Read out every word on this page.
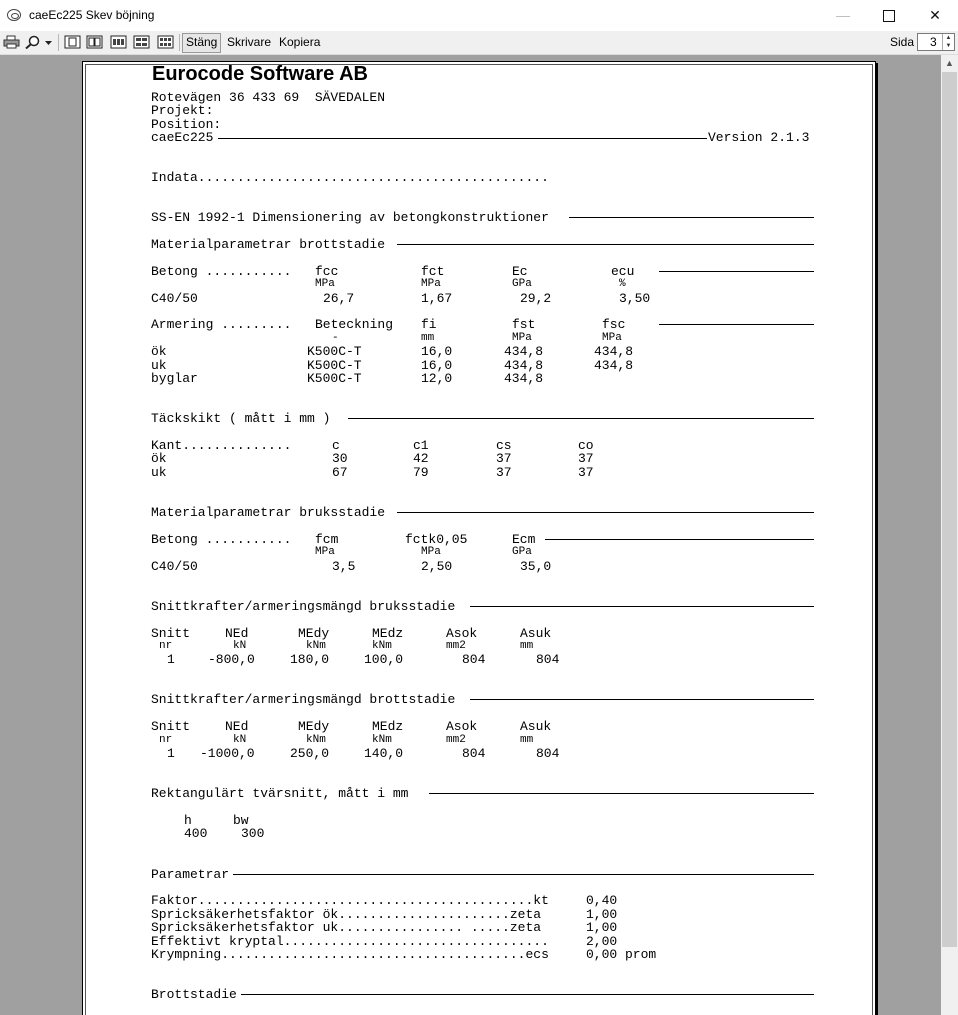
caeEc225 Skev böjning	—	✕
Stäng Skrivare Kopiera	Sida	3	▲
▼
▲
Eurocode Software AB
Rotevägen 36 433 69  SÄVEDALEN
Projekt:
Position:
caeEc225	Version 2.1.3
Indata.............................................
SS-EN 1992-1 Dimensionering av betongkonstruktioner
Materialparametrar brottstadie
Betong ........... fcc	fct	Ec	ecu
MPa	MPa	GPa	%
C40/50	26,7	1,67	29,2	3,50
Armering ......... Beteckning fi	fst	fsc
-	mm	MPa	MPa
ök	K500C-T	16,0	434,8	434,8
uk	K500C-T	16,0	434,8	434,8
byglar	K500C-T	12,0	434,8
Täckskikt ( mått i mm )
Kant..............	c	c1	cs	co
ök	30	42	37	37
uk	67	79	37	37
Materialparametrar bruksstadie
Betong ........... fcm	fctk0,05	Ecm
MPa	MPa	GPa
C40/50	3,5	2,50	35,0
Snittkrafter/armeringsmängd bruksstadie
Snitt	NEd	MEdy	MEdz	Asok	Asuk
nr	kN	kNm	kNm	mm2	mm
1	-800,0	180,0	100,0	804	804
Snittkrafter/armeringsmängd brottstadie
Snitt	NEd	MEdy	MEdz	Asok	Asuk
nr	kN	kNm	kNm	mm2	mm
1 -1000,0	250,0	140,0	804	804
Rektangulärt tvärsnitt, mått i mm
h	bw
400	300
Parametrar
Faktor...........................................kt	0,40
Spricksäkerhetsfaktor ök......................zeta	1,00
Spricksäkerhetsfaktor uk................ .....zeta	1,00
Effektivt kryptal..................................	2,00
Krympning.......................................ecs	0,00 prom
Brottstadie
